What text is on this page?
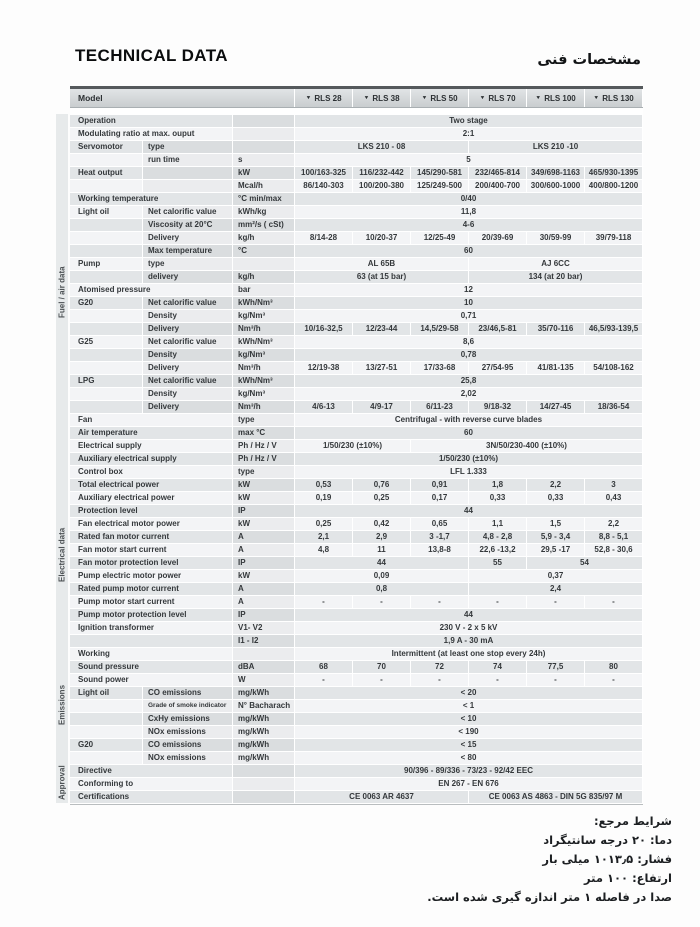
TECHNICAL DATA	مشخصات فنی
Model	▼ RLS 28	▼ RLS 38	▼ RLS 50	▼ RLS 70	▼ RLS 100	▼ RLS 130
Operation	Two stage
Modulating ratio at max. ouput	2:1
Servomotor	type	LKS 210 - 08	LKS 210 -10
run time	s	5
Heat output	kW	100/163-325	116/232-442	145/290-581	232/465-814	349/698-1163	465/930-1395
Mcal/h	86/140-303	100/200-380	125/249-500	200/400-700	300/600-1000	400/800-1200
Working temperature	°C min/max	0/40
Light oil	Net calorific value	kWh/kg	11,8
Viscosity at 20°C	mm²/s ( cSt)	4-6
Delivery	kg/h	8/14-28	10/20-37	12/25-49	20/39-69	30/59-99	39/79-118
Max temperature	°C	60
Pump	type	AL 65B	AJ 6CC
delivery	kg/h	63 (at 15 bar)	134 (at 20 bar)
Atomised pressure	bar	12
G20	Net calorific value	kWh/Nm³	10
Density	kg/Nm³	0,71
Delivery	Nm³/h	10/16-32,5	12/23-44	14,5/29-58	23/46,5-81	35/70-116	46,5/93-139,5
G25	Net calorific value	kWh/Nm³	8,6
Density	kg/Nm³	0,78
Delivery	Nm³/h	12/19-38	13/27-51	17/33-68	27/54-95	41/81-135	54/108-162
LPG	Net calorific value	kWh/Nm³	25,8
Density	kg/Nm³	2,02
Delivery	Nm³/h	4/6-13	4/9-17	6/11-23	9/18-32	14/27-45	18/36-54
Fan	type	Centrifugal - with reverse curve blades
Air temperature	max °C	60
Electrical supply	Ph / Hz / V	1/50/230 (±10%)	3N/50/230-400 (±10%)
Auxiliary electrical supply	Ph / Hz / V	1/50/230 (±10%)
Control box	type	LFL 1.333
Total electrical power	kW	0,53	0,76	0,91	1,8	2,2	3
Auxiliary electrical power	kW	0,19	0,25	0,17	0,33	0,33	0,43
Protection level	IP	44
Fan electrical motor power	kW	0,25	0,42	0,65	1,1	1,5	2,2
Rated fan motor current	A	2,1	2,9	3 -1,7	4,8 - 2,8	5,9 - 3,4	8,8 - 5,1
Fan motor start current	A	4,8	11	13,8-8	22,6 -13,2	29,5 -17	52,8 - 30,6
Fan motor protection level	IP	44	55	54
Pump electric motor power	kW	0,09	0,37
Rated pump motor current	A	0,8	2,4
Pump motor start current	A	-	-	-	-	-	-
Pump motor protection level	IP	44
Ignition transformer	V1- V2	230 V - 2 x 5 kV
I1 - I2	1,9 A - 30 mA
Working	Intermittent (at least one stop every 24h)
Sound pressure	dBA	68	70	72	74	77,5	80
Sound power	W	-	-	-	-	-	-
Light oil	CO emissions	mg/kWh	< 20
Grade of smoke indicator	N° Bacharach	< 1
CxHy emissions	mg/kWh	< 10
NOx emissions	mg/kWh	< 190
G20	CO emissions	mg/kWh	< 15
NOx emissions	mg/kWh	< 80
Directive	90/396 - 89/336 - 73/23 - 92/42 EEC
Conforming to	EN 267 - EN 676
Certifications	CE 0063 AR 4637	CE 0063 AS 4863 - DIN 5G 835/97 M
Fuel / air data
Electrical data
Emissions
Approval
شرایط مرجع:
دما: ۲۰ درجه سانتیگراد
فشار: ۱۰۱۳٫۵ میلی بار
ارتفاع: ۱۰۰ متر
صدا در فاصله ۱ متر اندازه گیری شده است.
